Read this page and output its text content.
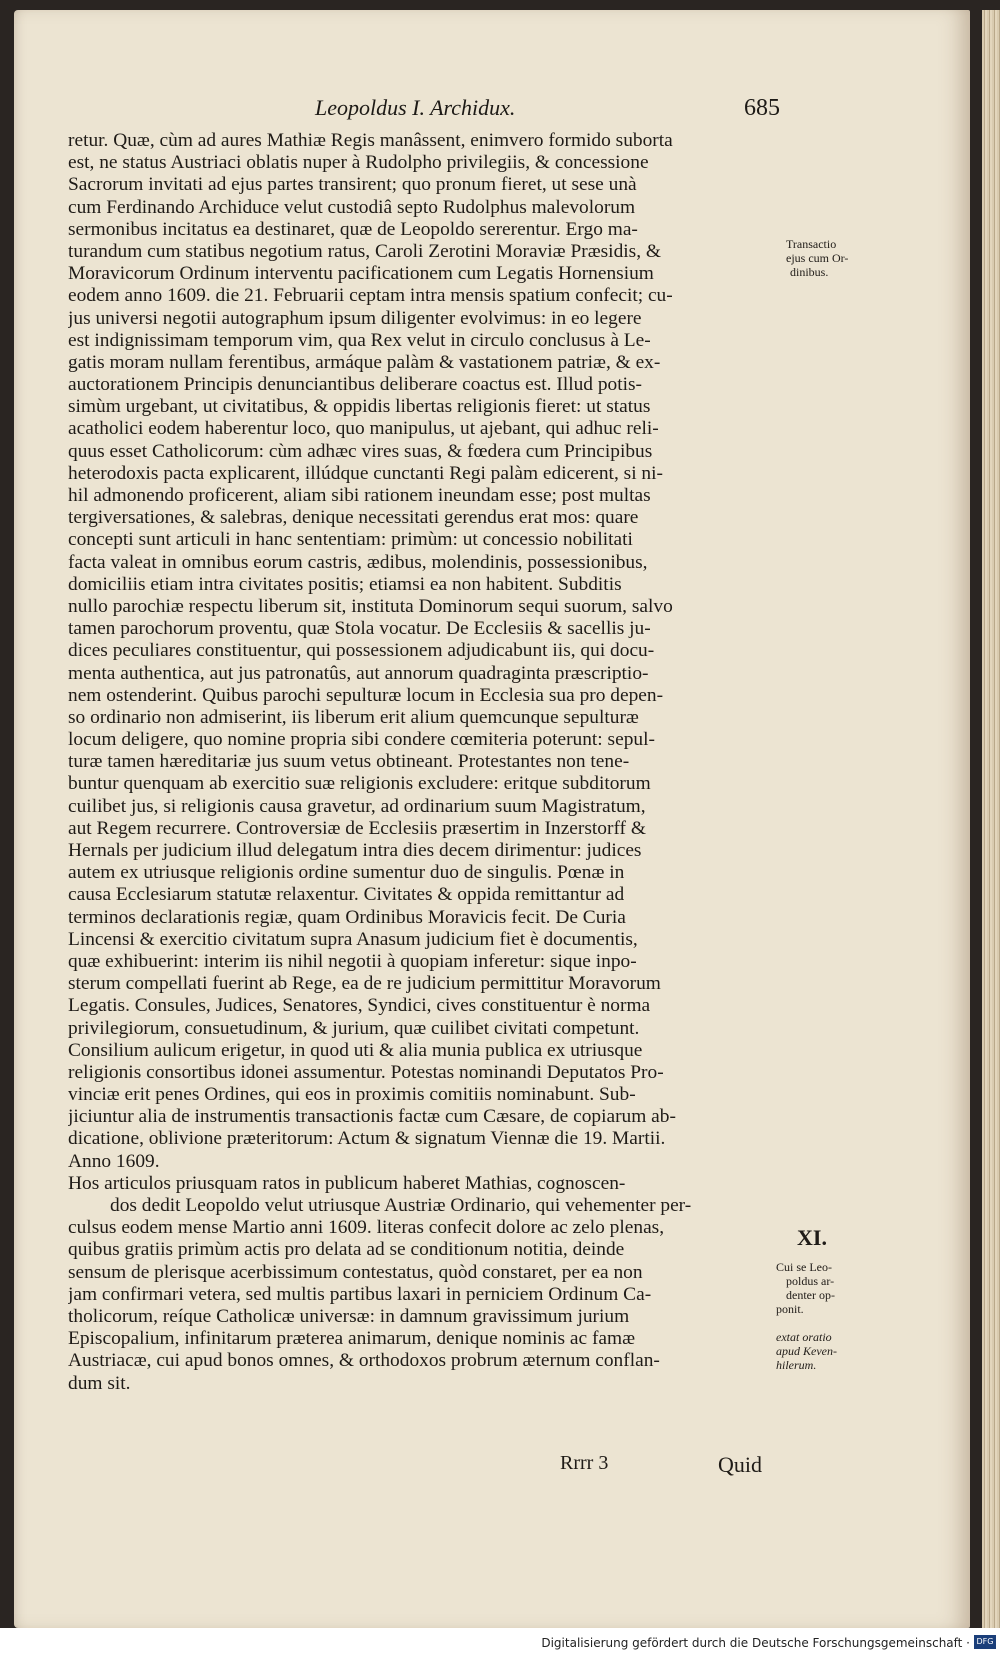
Leopoldus I. Archidux.	685
retur. Quæ, cùm ad aures Mathiæ Regis manâssent, enimvero formido suborta
est, ne status Austriaci oblatis nuper à Rudolpho privilegiis, & concessione
Sacrorum invitati ad ejus partes transirent; quo pronum fieret, ut sese unà
cum Ferdinando Archiduce velut custodiâ septo Rudolphus malevolorum
sermonibus incitatus ea destinaret, quæ de Leopoldo sererentur. Ergo ma-
turandum cum statibus negotium ratus, Caroli Zerotini Moraviæ Præsidis, &
Moravicorum Ordinum interventu pacificationem cum Legatis Hornensium
eodem anno 1609. die 21. Februarii ceptam intra mensis spatium confecit; cu-
jus universi negotii autographum ipsum diligenter evolvimus: in eo legere
est indignissimam temporum vim, qua Rex velut in circulo conclusus à Le-
gatis moram nullam ferentibus, armáque palàm & vastationem patriæ, & ex-
auctorationem Principis denunciantibus deliberare coactus est. Illud potis-
simùm urgebant, ut civitatibus, & oppidis libertas religionis fieret: ut status
acatholici eodem haberentur loco, quo manipulus, ut ajebant, qui adhuc reli-
quus esset Catholicorum: cùm adhæc vires suas, & fœdera cum Principibus
heterodoxis pacta explicarent, illúdque cunctanti Regi palàm edicerent, si ni-
hil admonendo proficerent, aliam sibi rationem ineundam esse; post multas
tergiversationes, & salebras, denique necessitati gerendus erat mos: quare
concepti sunt articuli in hanc sententiam: primùm: ut concessio nobilitati
facta valeat in omnibus eorum castris, ædibus, molendinis, possessionibus,
domiciliis etiam intra civitates positis; etiamsi ea non habitent. Subditis
nullo parochiæ respectu liberum sit, instituta Dominorum sequi suorum, salvo
tamen parochorum proventu, quæ Stola vocatur. De Ecclesiis & sacellis ju-
dices peculiares constituentur, qui possessionem adjudicabunt iis, qui docu-
menta authentica, aut jus patronatûs, aut annorum quadraginta præscriptio-
nem ostenderint. Quibus parochi sepulturæ locum in Ecclesia sua pro depen-
so ordinario non admiserint, iis liberum erit alium quemcunque sepulturæ
locum deligere, quo nomine propria sibi condere cœmiteria poterunt: sepul-
turæ tamen hæreditariæ jus suum vetus obtineant. Protestantes non tene-
buntur quenquam ab exercitio suæ religionis excludere: eritque subditorum
cuilibet jus, si religionis causa gravetur, ad ordinarium suum Magistratum,
aut Regem recurrere. Controversiæ de Ecclesiis præsertim in Inzerstorff &
Hernals per judicium illud delegatum intra dies decem dirimentur: judices
autem ex utriusque religionis ordine sumentur duo de singulis. Pœnæ in
causa Ecclesiarum statutæ relaxentur. Civitates & oppida remittantur ad
terminos declarationis regiæ, quam Ordinibus Moravicis fecit. De Curia
Lincensi & exercitio civitatum supra Anasum judicium fiet è documentis,
quæ exhibuerint: interim iis nihil negotii à quopiam inferetur: sique inpo-
sterum compellati fuerint ab Rege, ea de re judicium permittitur Moravorum
Legatis. Consules, Judices, Senatores, Syndici, cives constituentur è norma
privilegiorum, consuetudinum, & jurium, quæ cuilibet civitati competunt.
Consilium aulicum erigetur, in quod uti & alia munia publica ex utriusque
religionis consortibus idonei assumentur. Potestas nominandi Deputatos Pro-
vinciæ erit penes Ordines, qui eos in proximis comitiis nominabunt. Sub-
jiciuntur alia de instrumentis transactionis factæ cum Cæsare, de copiarum ab-
dicatione, oblivione præteritorum: Actum & signatum Viennæ die 19. Martii.
Anno 1609.
Hos articulos priusquam ratos in publicum haberet Mathias, cognoscen-
dos dedit Leopoldo velut utriusque Austriæ Ordinario, qui vehementer per-
culsus eodem mense Martio anni 1609. literas confecit dolore ac zelo plenas,
quibus gratiis primùm actis pro delata ad se conditionum notitia, deinde
sensum de plerisque acerbissimum contestatus, quòd constaret, per ea non
jam confirmari vetera, sed multis partibus laxari in perniciem Ordinum Ca-
tholicorum, reíque Catholicæ universæ: in damnum gravissimum jurium
Episcopalium, infinitarum præterea animarum, denique nominis ac famæ
Austriacæ, cui apud bonos omnes, & orthodoxos probrum æternum conflan-
dum sit.
Transactio
ejus cum Or-
dinibus.
XI.
Cui se Leo-
poldus ar-
denter op-
ponit.
extat oratio
apud Keven-
hilerum.
Rrrr 3	Quid
Digitalisierung gefördert durch die Deutsche Forschungsgemeinschaft · DFG
